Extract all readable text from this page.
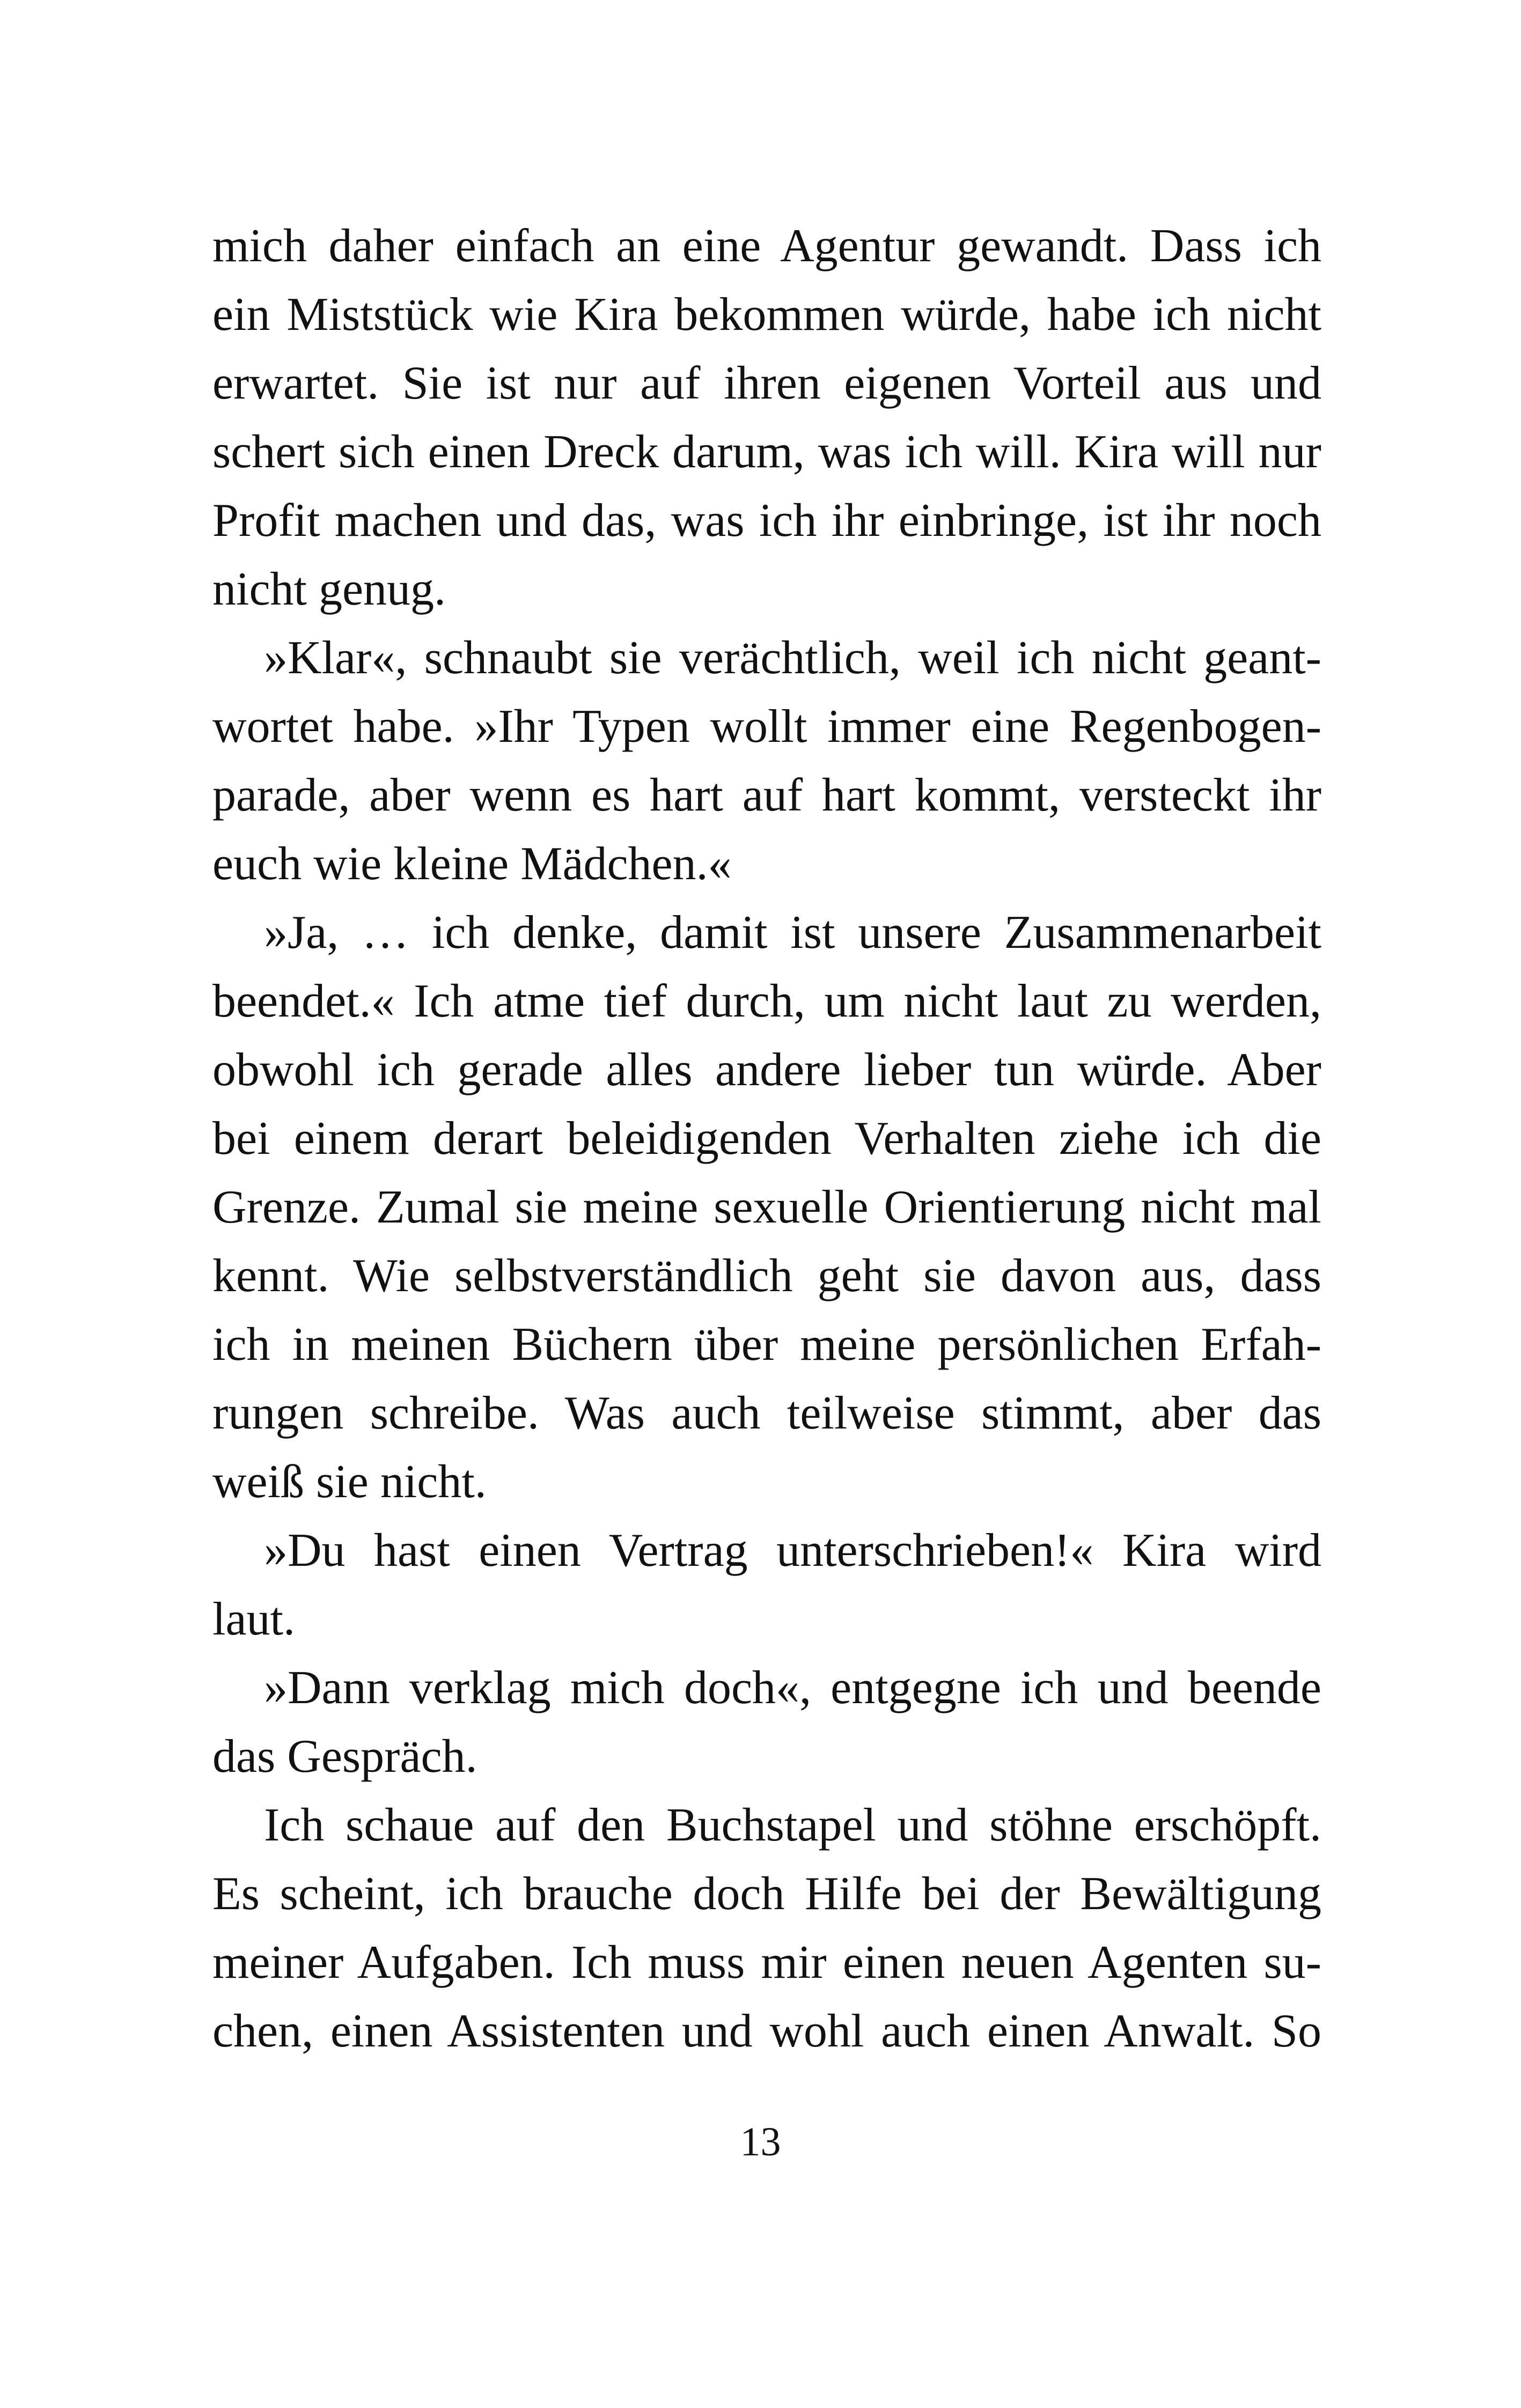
mich daher einfach an eine Agentur gewandt. Dass ich
ein Miststück wie Kira bekommen würde, habe ich nicht
erwartet. Sie ist nur auf ihren eigenen Vorteil aus und
schert sich einen Dreck darum, was ich will. Kira will nur
Profit machen und das, was ich ihr einbringe, ist ihr noch
nicht genug.
»Klar«, schnaubt sie verächtlich, weil ich nicht geant-
wortet habe. »Ihr Typen wollt immer eine Regenbogen-
parade, aber wenn es hart auf hart kommt, versteckt ihr
euch wie kleine Mädchen.«
»Ja, … ich denke, damit ist unsere Zusammenarbeit
beendet.« Ich atme tief durch, um nicht laut zu werden,
obwohl ich gerade alles andere lieber tun würde. Aber
bei einem derart beleidigenden Verhalten ziehe ich die
Grenze. Zumal sie meine sexuelle Orientierung nicht mal
kennt. Wie selbstverständlich geht sie davon aus, dass
ich in meinen Büchern über meine persönlichen Erfah-
rungen schreibe. Was auch teilweise stimmt, aber das
weiß sie nicht.
»Du hast einen Vertrag unterschrieben!« Kira wird
laut.
»Dann verklag mich doch«, entgegne ich und beende
das Gespräch.
Ich schaue auf den Buchstapel und stöhne erschöpft.
Es scheint, ich brauche doch Hilfe bei der Bewältigung
meiner Aufgaben. Ich muss mir einen neuen Agenten su-
chen, einen Assistenten und wohl auch einen Anwalt. So
13
